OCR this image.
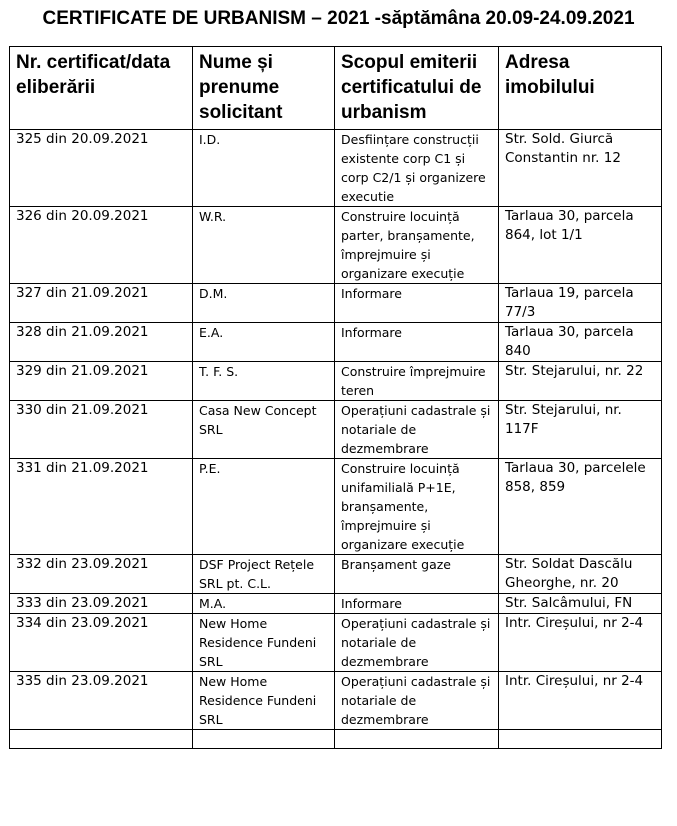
CERTIFICATE DE URBANISM – 2021 -săptămâna 20.09-24.09.2021
Nr. certificat/data eliberării	Nume și prenume solicitant	Scopul emiterii certificatului de urbanism	Adresa imobilului
325 din 20.09.2021	I.D.	Desființare construcții existente corp C1 și corp C2/1 și organizere executie	Str. Sold. Giurcă Constantin nr. 12
326 din 20.09.2021	W.R.	Construire locuință parter, branșamente, împrejmuire și organizare execuție	Tarlaua 30, parcela 864, lot 1/1
327 din 21.09.2021	D.M.	Informare	Tarlaua 19, parcela 77/3
328 din 21.09.2021	E.A.	Informare	Tarlaua 30, parcela 840
329 din 21.09.2021	T. F. S.	Construire împrejmuire teren	Str. Stejarului, nr. 22
330 din 21.09.2021	Casa New Concept SRL	Operațiuni cadastrale și notariale de dezmembrare	Str. Stejarului, nr. 117F
331 din 21.09.2021	P.E.	Construire locuință unifamilială P+1E, branșamente, împrejmuire și organizare execuție	Tarlaua 30, parcelele 858, 859
332 din 23.09.2021	DSF Project Rețele SRL pt. C.L.	Branșament gaze	Str. Soldat Dascălu Gheorghe, nr. 20
333 din 23.09.2021	M.A.	Informare	Str. Salcâmului, FN
334 din 23.09.2021	New Home Residence Fundeni SRL	Operațiuni cadastrale și notariale de dezmembrare	Intr. Cireșului, nr 2-4
335 din 23.09.2021	New Home Residence Fundeni SRL	Operațiuni cadastrale și notariale de dezmembrare	Intr. Cireșului, nr 2-4
